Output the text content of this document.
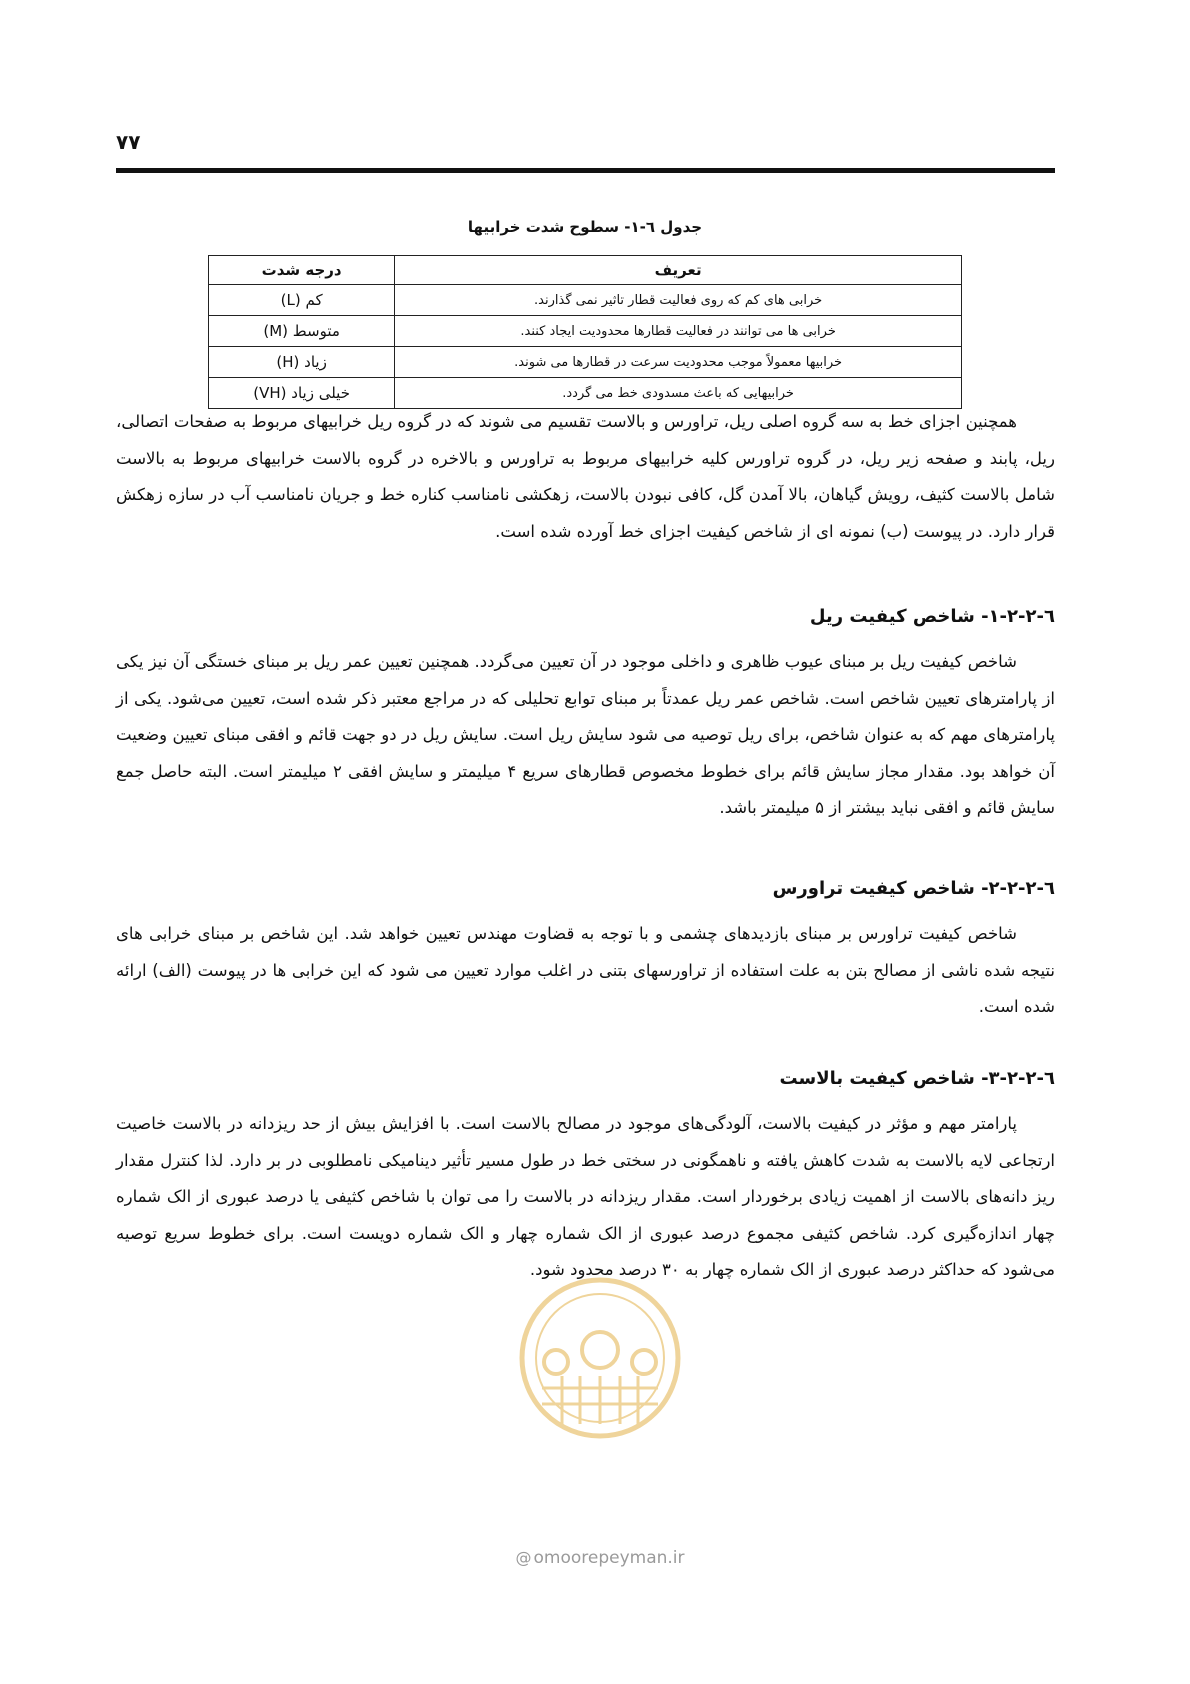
۷۷
جدول ٦-١- سطوح شدت خرابیها
تعریف	درجه شدت
خرابی های کم که روی فعالیت قطار تاثیر نمی گذارند.	کم (L)
خرابی ها می توانند در فعالیت قطارها محدودیت ایجاد کنند.	متوسط (M)
خرابیها معمولاً موجب محدودیت سرعت در قطارها می شوند.	زیاد (H)
خرابیهایی که باعث مسدودی خط می گردد.	خیلی زیاد (VH)

همچنین اجزای خط به سه گروه اصلی ریل، تراورس و بالاست تقسیم می شوند که در گروه ریل خرابیهای مربوط به صفحات اتصالی، ریل، پابند و صفحه زیر ریل، در گروه تراورس کلیه خرابیهای مربوط به تراورس و بالاخره در گروه بالاست خرابیهای مربوط به بالاست شامل بالاست کثیف، رویش گیاهان، بالا آمدن گل، کافی نبودن بالاست، زهکشی نامناسب کناره خط و جریان نامناسب آب در سازه زهکش قرار دارد. در پیوست (ب) نمونه ای از شاخص کیفیت اجزای خط آورده شده است.

٦-٢-٢-١- شاخص کیفیت ریل

شاخص کیفیت ریل بر مبنای عیوب ظاهری و داخلی موجود در آن تعیین می‌گردد. همچنین تعیین عمر ریل بر مبنای خستگی آن نیز یکی از پارامترهای تعیین شاخص است. شاخص عمر ریل عمدتاً بر مبنای توابع تحلیلی که در مراجع معتبر ذکر شده است، تعیین می‌شود. یکی از پارامترهای مهم که به عنوان شاخص، برای ریل توصیه می شود سایش ریل است. سایش ریل در دو جهت قائم و افقی مبنای تعیین وضعیت آن خواهد بود. مقدار مجاز سایش قائم برای خطوط مخصوص قطارهای سریع ۴ میلیمتر و سایش افقی ۲ میلیمتر است. البته حاصل جمع سایش قائم و افقی نباید بیشتر از ۵ میلیمتر باشد.

٦-٢-٢-٢- شاخص کیفیت تراورس

شاخص کیفیت تراورس بر مبنای بازدیدهای چشمی و با توجه به قضاوت مهندس تعیین خواهد شد. این شاخص بر مبنای خرابی های نتیجه شده ناشی از مصالح بتن به علت استفاده از تراورسهای بتنی در اغلب موارد تعیین می شود که این خرابی ها در پیوست (الف) ارائه شده است.

٦-٢-٢-٣- شاخص کیفیت بالاست

پارامتر مهم و مؤثر در کیفیت بالاست، آلودگی‌های موجود در مصالح بالاست است. با افزایش بیش از حد ریزدانه در بالاست خاصیت ارتجاعی لایه بالاست به شدت کاهش یافته و ناهمگونی در سختی خط در طول مسیر تأثیر دینامیکی نامطلوبی در بر دارد. لذا کنترل مقدار ریز دانه‌های بالاست از اهمیت زیادی برخوردار است. مقدار ریزدانه در بالاست را می توان با شاخص کثیفی یا درصد عبوری از الک شماره چهار اندازه‌گیری کرد. شاخص کثیفی مجموع درصد عبوری از الک شماره چهار و الک شماره دویست است. برای خطوط سریع توصیه می‌شود که حداکثر درصد عبوری از الک شماره چهار به ۳۰ درصد محدود شود.

@ omoorepeyman.ir
